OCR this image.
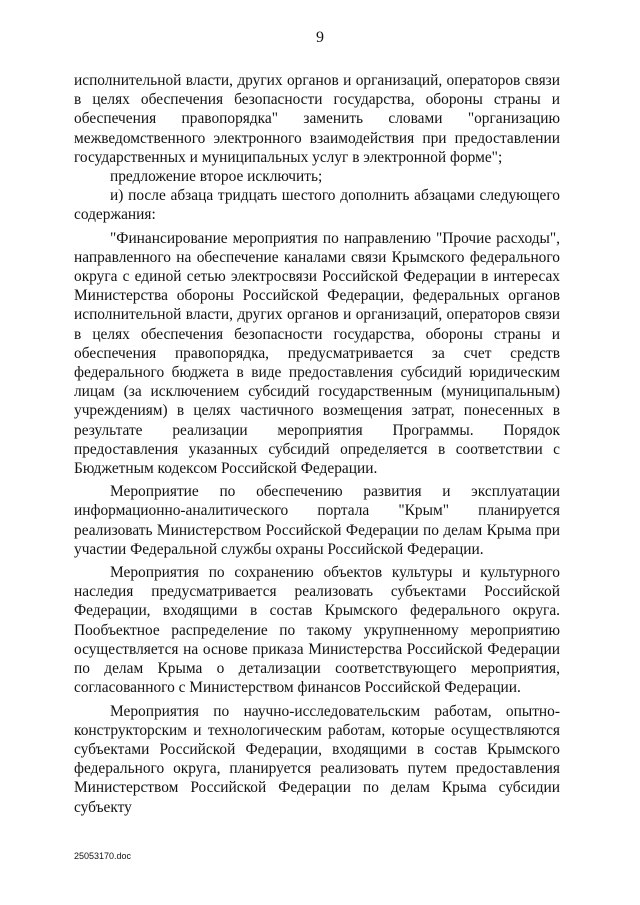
9

исполнительной власти, других органов и организаций, операторов связи в целях обеспечения безопасности государства, обороны страны и обеспечения правопорядка" заменить словами "организацию межведомственного электронного взаимодействия при предоставлении государственных и муниципальных услуг в электронной форме";

предложение второе исключить;

и) после абзаца тридцать шестого дополнить абзацами следующего содержания:

"Финансирование мероприятия по направлению "Прочие расходы", направленного на обеспечение каналами связи Крымского федерального округа с единой сетью электросвязи Российской Федерации в интересах Министерства обороны Российской Федерации, федеральных органов исполнительной власти, других органов и организаций, операторов связи в целях обеспечения безопасности государства, обороны страны и обеспечения правопорядка, предусматривается за счет средств федерального бюджета в виде предоставления субсидий юридическим лицам (за исключением субсидий государственным (муниципальным) учреждениям) в целях частичного возмещения затрат, понесенных в результате реализации мероприятия Программы. Порядок предоставления указанных субсидий определяется в соответствии с Бюджетным кодексом Российской Федерации.

Мероприятие по обеспечению развития и эксплуатации информационно-аналитического портала "Крым" планируется реализовать Министерством Российской Федерации по делам Крыма при участии Федеральной службы охраны Российской Федерации.

Мероприятия по сохранению объектов культуры и культурного наследия предусматривается реализовать субъектами Российской Федерации, входящими в состав Крымского федерального округа. Пообъектное распределение по такому укрупненному мероприятию осуществляется на основе приказа Министерства Российской Федерации по делам Крыма о детализации соответствующего мероприятия, согласованного с Министерством финансов Российской Федерации.

Мероприятия по научно-исследовательским работам, опытно-конструкторским и технологическим работам, которые осуществляются субъектами Российской Федерации, входящими в состав Крымского федерального округа, планируется реализовать путем предоставления Министерством Российской Федерации по делам Крыма субсидии субъекту

25053170.doc
